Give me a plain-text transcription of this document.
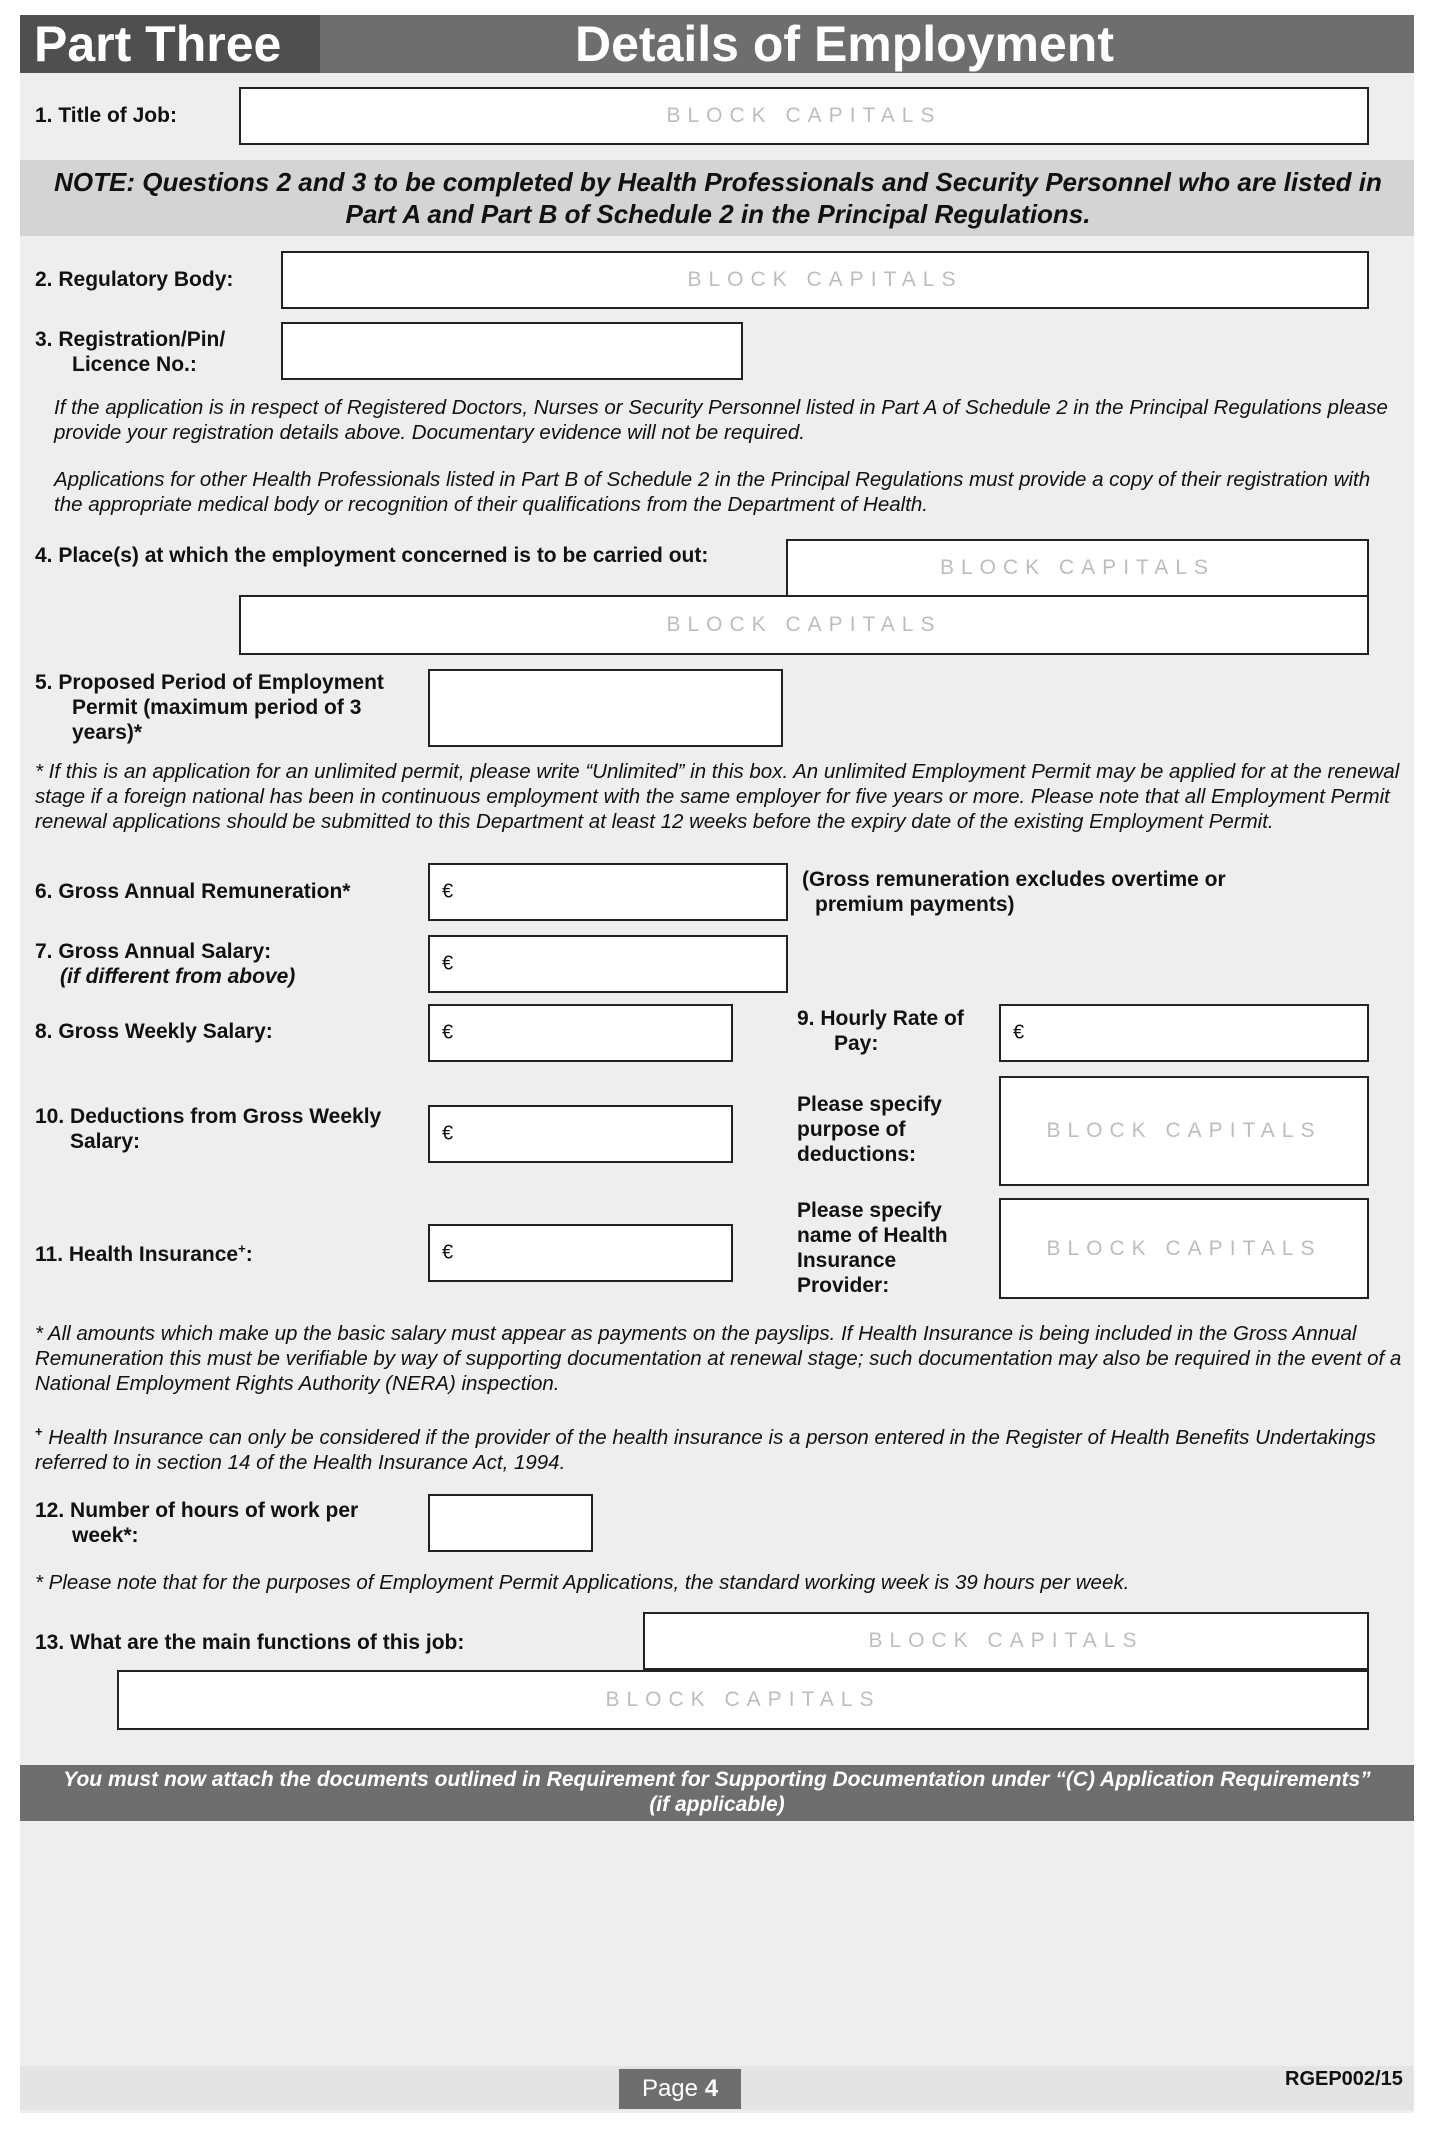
Part Three	Details of Employment
1. Title of Job:	BLOCK CAPITALS
NOTE: Questions 2 and 3 to be completed by Health Professionals and Security Personnel who are listed in Part A and Part B of Schedule 2 in the Principal Regulations.
2. Regulatory Body:	BLOCK CAPITALS
3. Registration/Pin/
Licence No.:
If the application is in respect of Registered Doctors, Nurses or Security Personnel listed in Part A of Schedule 2 in the Principal Regulations please provide your registration details above. Documentary evidence will not be required.
Applications for other Health Professionals listed in Part B of Schedule 2 in the Principal Regulations must provide a copy of their registration with the appropriate medical body or recognition of their qualifications from the Department of Health.
4. Place(s) at which the employment concerned is to be carried out:
BLOCK CAPITALS
BLOCK CAPITALS
5. Proposed Period of Employment
Permit (maximum period of 3
years)*
* If this is an application for an unlimited permit, please write “Unlimited” in this box. An unlimited Employment Permit may be applied for at the renewal stage if a foreign national has been in continuous employment with the same employer for five years or more. Please note that all Employment Permit renewal applications should be submitted to this Department at least 12 weeks before the expiry date of the existing Employment Permit.
6. Gross Annual Remuneration*	€
(Gross remuneration excludes overtime or
premium payments)
7. Gross Annual Salary:
(if different from above)
€
8. Gross Weekly Salary:	€
9. Hourly Rate of
Pay:	€
10. Deductions from Gross Weekly
Salary:	€
Please specify
purpose of
deductions:
BLOCK CAPITALS
11. Health Insurance+:	€
Please specify
name of Health
Insurance
Provider:
BLOCK CAPITALS
* All amounts which make up the basic salary must appear as payments on the payslips. If Health Insurance is being included in the Gross Annual Remuneration this must be verifiable by way of supporting documentation at renewal stage; such documentation may also be required in the event of a National Employment Rights Authority (NERA) inspection.
+ Health Insurance can only be considered if the provider of the health insurance is a person entered in the Register of Health Benefits Undertakings referred to in section 14 of the Health Insurance Act, 1994.
12. Number of hours of work per
week*:
* Please note that for the purposes of Employment Permit Applications, the standard working week is 39 hours per week.
13. What are the main functions of this job:	BLOCK CAPITALS
BLOCK CAPITALS
You must now attach the documents outlined in Requirement for Supporting Documentation under “(C) Application Requirements”
(if applicable)
Page 4	RGEP002/15
